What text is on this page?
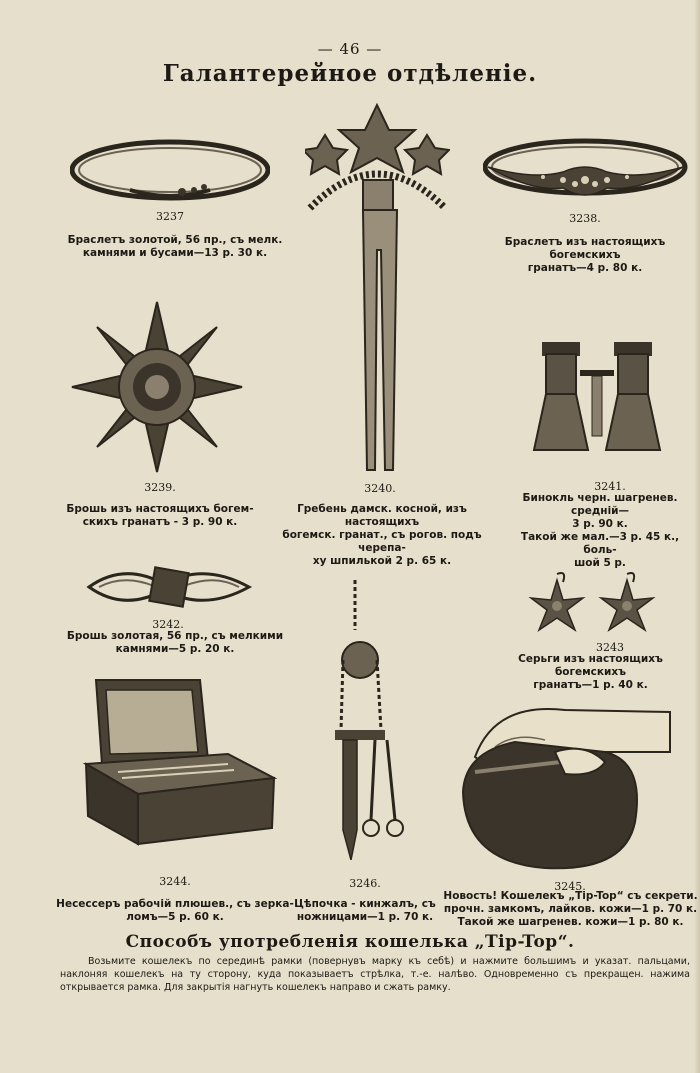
— 46 —
Галантерейное отдѣленіе.
3237
Браслетъ золотой, 56 пр., съ мелк.
камнями и бусами—13 р. 30 к.
3240.
Гребень дамск. косной, изъ настоящихъ
богемск. гранат., съ рогов. подъ черепа-
ху шпилькой 2 р. 65 к.
3238.
Браслетъ изъ настоящихъ богемскихъ
гранатъ—4 р. 80 к.
3239.
Брошь изъ настоящихъ богем-
скихъ гранатъ - 3 р. 90 к.
3241.
Бинокль черн. шагренев. средній—
3 р. 90 к.
Такой же мал.—3 р. 45 к., боль-
шой 5 р.
3242.
Брошь золотая, 56 пр., съ мелкими
камнями—5 р. 20 к.	3243
Серьги изъ настоящихъ богемскихъ
гранатъ—1 р. 40 к.
3244.
Несессеръ рабочій плюшев., съ зерка-
ломъ—5 р. 60 к.
3246.
Цѣпочка - кинжалъ, съ
ножницами—1 р. 70 к.
3245.
Новость! Кошелекъ „Tip-Top“ съ секрети.
прочн. замкомъ, лайков. кожи—1 р. 70 к.
Такой же шагренев. кожи—1 р. 80 к.
Способъ употребленія кошелька „Tip-Top“.
Возьмите кошелекъ по серединѣ рамки (повернувъ марку къ себѣ) и нажмите большимъ и указат. пальцами, наклоняя кошелекъ на ту сторону, куда показываетъ стрѣлка, т.-е. налѣво. Одновременно съ прекращен. нажима открывается рамка. Для закрытія нагнуть кошелекъ направо и сжать рамку.
